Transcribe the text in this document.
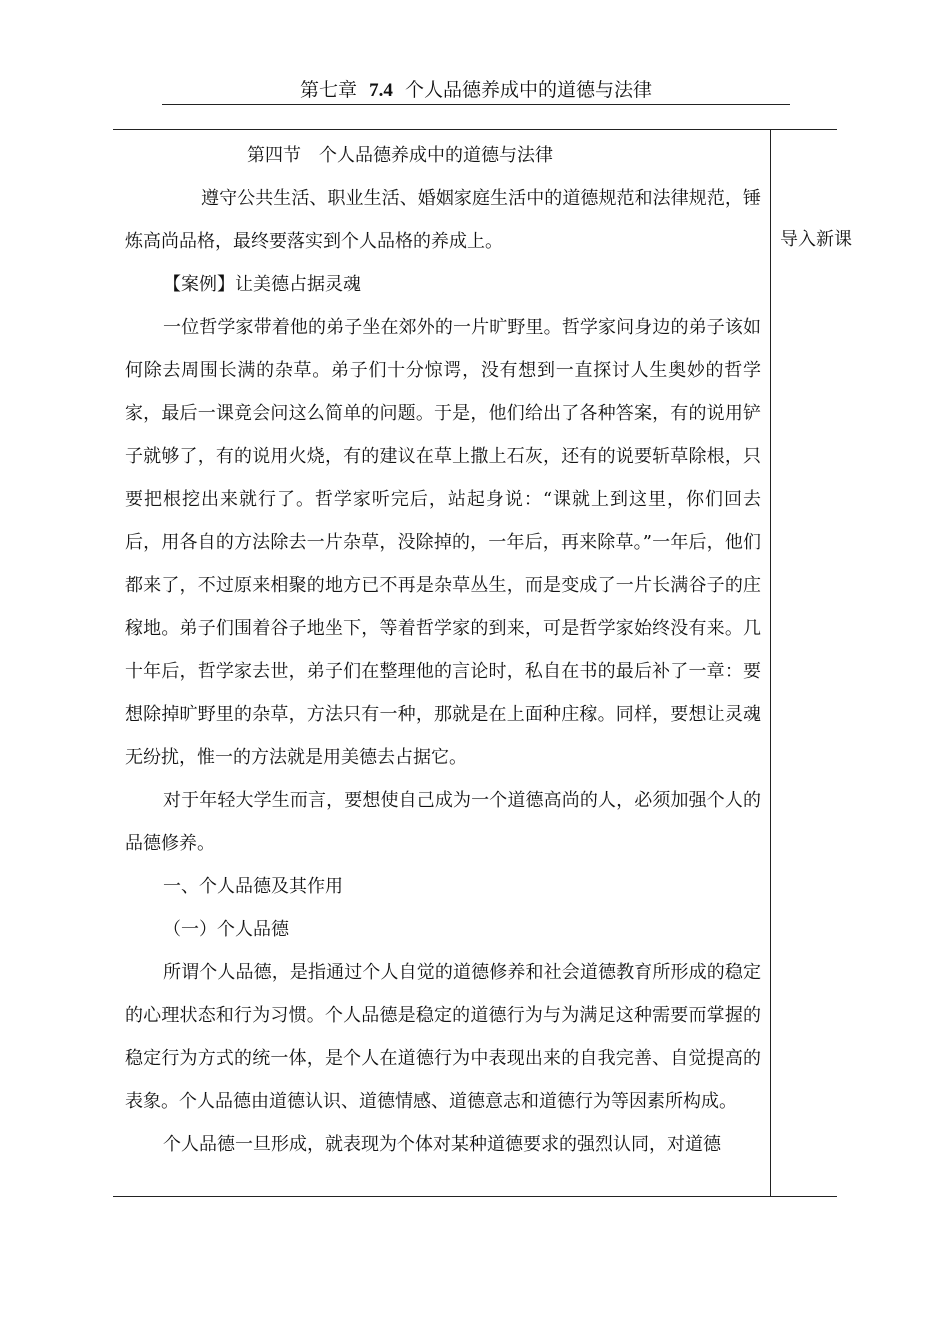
第七章 7.4 个人品德养成中的道德与法律

第四节　个人品德养成中的道德与法律

遵守公共生活、职业生活、婚姻家庭生活中的道德规范和法律规范，锤炼高尚品格，最终要落实到个人品格的养成上。

【案例】让美德占据灵魂

一位哲学家带着他的弟子坐在郊外的一片旷野里。哲学家问身边的弟子该如何除去周围长满的杂草。弟子们十分惊谔，没有想到一直探讨人生奥妙的哲学家，最后一课竟会问这么简单的问题。于是，他们给出了各种答案，有的说用铲子就够了，有的说用火烧，有的建议在草上撒上石灰，还有的说要斩草除根，只要把根挖出来就行了。哲学家听完后，站起身说：“课就上到这里，你们回去后，用各自的方法除去一片杂草，没除掉的，一年后，再来除草。”一年后，他们都来了，不过原来相聚的地方已不再是杂草丛生，而是变成了一片长满谷子的庄稼地。弟子们围着谷子地坐下，等着哲学家的到来，可是哲学家始终没有来。几十年后，哲学家去世，弟子们在整理他的言论时，私自在书的最后补了一章：要想除掉旷野里的杂草，方法只有一种，那就是在上面种庄稼。同样，要想让灵魂无纷扰，惟一的方法就是用美德去占据它。

对于年轻大学生而言，要想使自己成为一个道德高尚的人，必须加强个人的品德修养。

一、个人品德及其作用

（一）个人品德

所谓个人品德，是指通过个人自觉的道德修养和社会道德教育所形成的稳定的心理状态和行为习惯。个人品德是稳定的道德行为与为满足这种需要而掌握的稳定行为方式的统一体，是个人在道德行为中表现出来的自我完善、自觉提高的表象。个人品德由道德认识、道德情感、道德意志和道德行为等因素所构成。

个人品德一旦形成，就表现为个体对某种道德要求的强烈认同，对道德

导入新课
